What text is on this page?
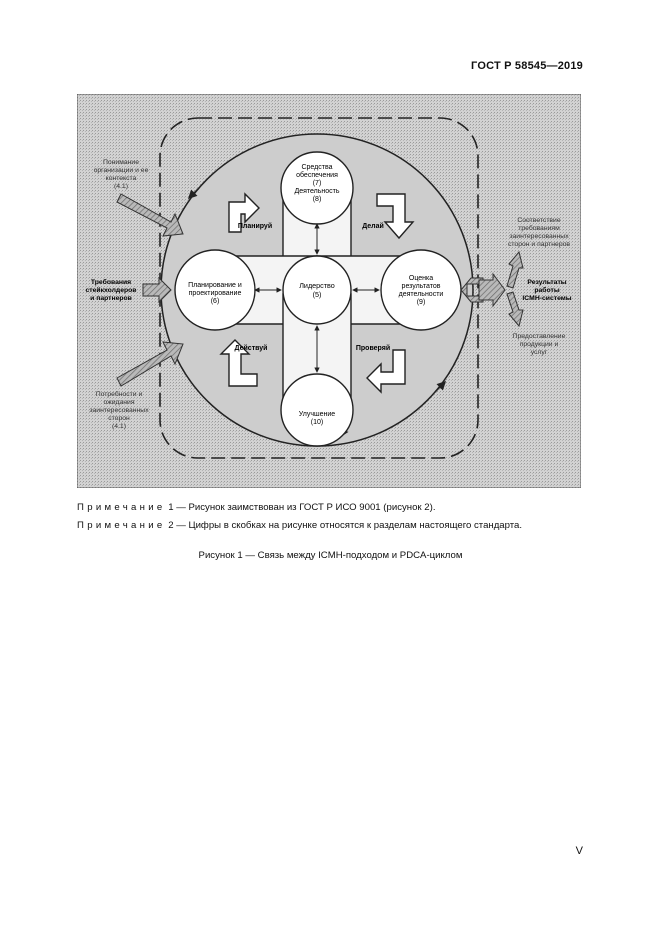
ГОСТ Р 58545—2019
Лидерство
(5)
Средства
обеспечения
(7)
Деятельность
(8)
Планирование и
проектирование
(6)
Оценка
результатов
деятельности
(9)
Улучшение
(10)
Планируй	Делай
Проверяй
Действуй
Понимание
организации и ее
контекста
(4.1)
Требования
стейкхолдеров
и партнеров
Потребности и
ожидания
заинтересованных
сторон
(4.1)
Соответствие
требованиям
заинтересованных
сторон и партнеров
Результаты
работы
ICMH-системы
Предоставление
продукции и
услуг
Примечание 1 — Рисунок заимствован из ГОСТ Р ИСО 9001 (рисунок 2).
Примечание 2 — Цифры в скобках на рисунке относятся к разделам настоящего стандарта.
Рисунок 1 — Связь между ICMH-подходом и PDCA-циклом
V
